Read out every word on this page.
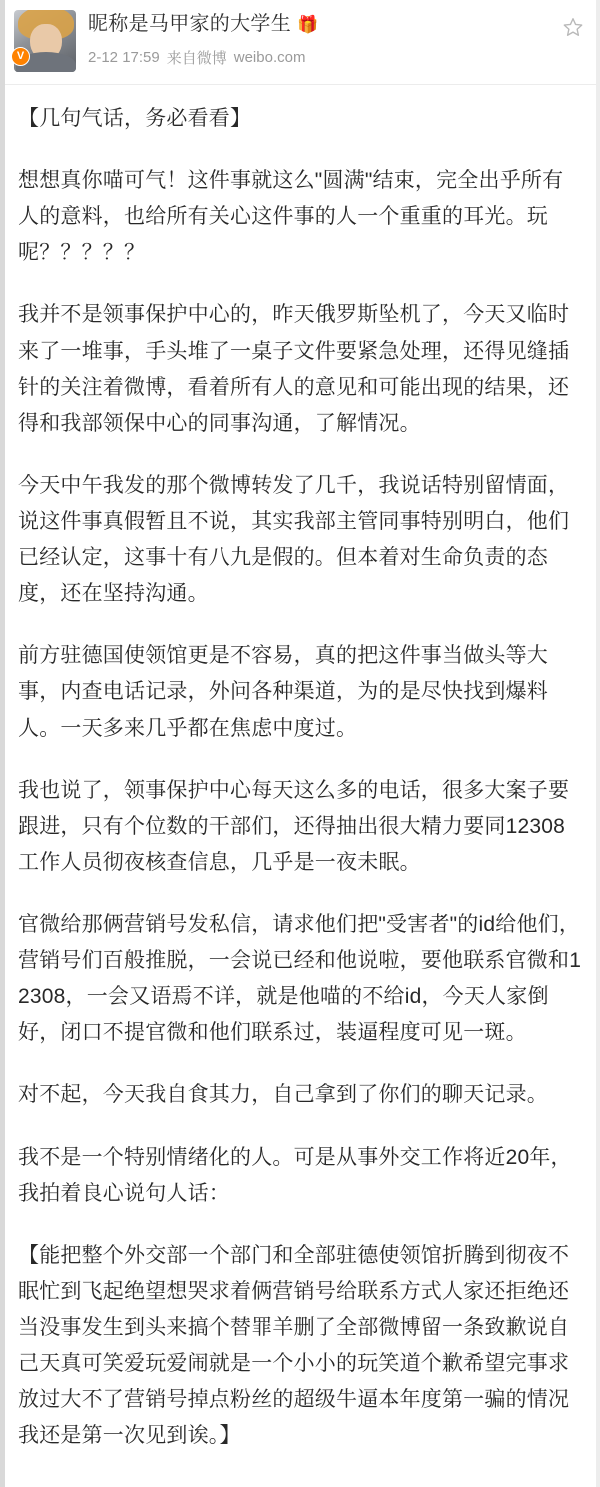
V
昵称是马甲家的大学生 🎁
2-12 17:59 来自微博 weibo.com

【几句气话，务必看看】

想想真你喵可气！这件事就这么"圆满"结束，完全出乎所有人的意料，也给所有关心这件事的人一个重重的耳光。玩呢？？？？？

我并不是领事保护中心的，昨天俄罗斯坠机了，今天又临时来了一堆事，手头堆了一桌子文件要紧急处理，还得见缝插针的关注着微博，看着所有人的意见和可能出现的结果，还得和我部领保中心的同事沟通，了解情况。

今天中午我发的那个微博转发了几千，我说话特别留情面，说这件事真假暂且不说，其实我部主管同事特别明白，他们已经认定，这事十有八九是假的。但本着对生命负责的态度，还在坚持沟通。

前方驻德国使领馆更是不容易，真的把这件事当做头等大事，内查电话记录，外问各种渠道，为的是尽快找到爆料人。一天多来几乎都在焦虑中度过。

我也说了，领事保护中心每天这么多的电话，很多大案子要跟进，只有个位数的干部们，还得抽出很大精力要同12308工作人员彻夜核查信息，几乎是一夜未眠。

官微给那俩营销号发私信，请求他们把"受害者"的id给他们，营销号们百般推脱，一会说已经和他说啦，要他联系官微和12308，一会又语焉不详，就是他喵的不给id，今天人家倒好，闭口不提官微和他们联系过，装逼程度可见一斑。

对不起，今天我自食其力，自己拿到了你们的聊天记录。

我不是一个特别情绪化的人。可是从事外交工作将近20年，我拍着良心说句人话：

【能把整个外交部一个部门和全部驻德使领馆折腾到彻夜不眠忙到飞起绝望想哭求着俩营销号给联系方式人家还拒绝还当没事发生到头来搞个替罪羊删了全部微博留一条致歉说自己天真可笑爱玩爱闹就是一个小小的玩笑道个歉希望完事求放过大不了营销号掉点粉丝的超级牛逼本年度第一骗的情况我还是第一次见到诶。】
